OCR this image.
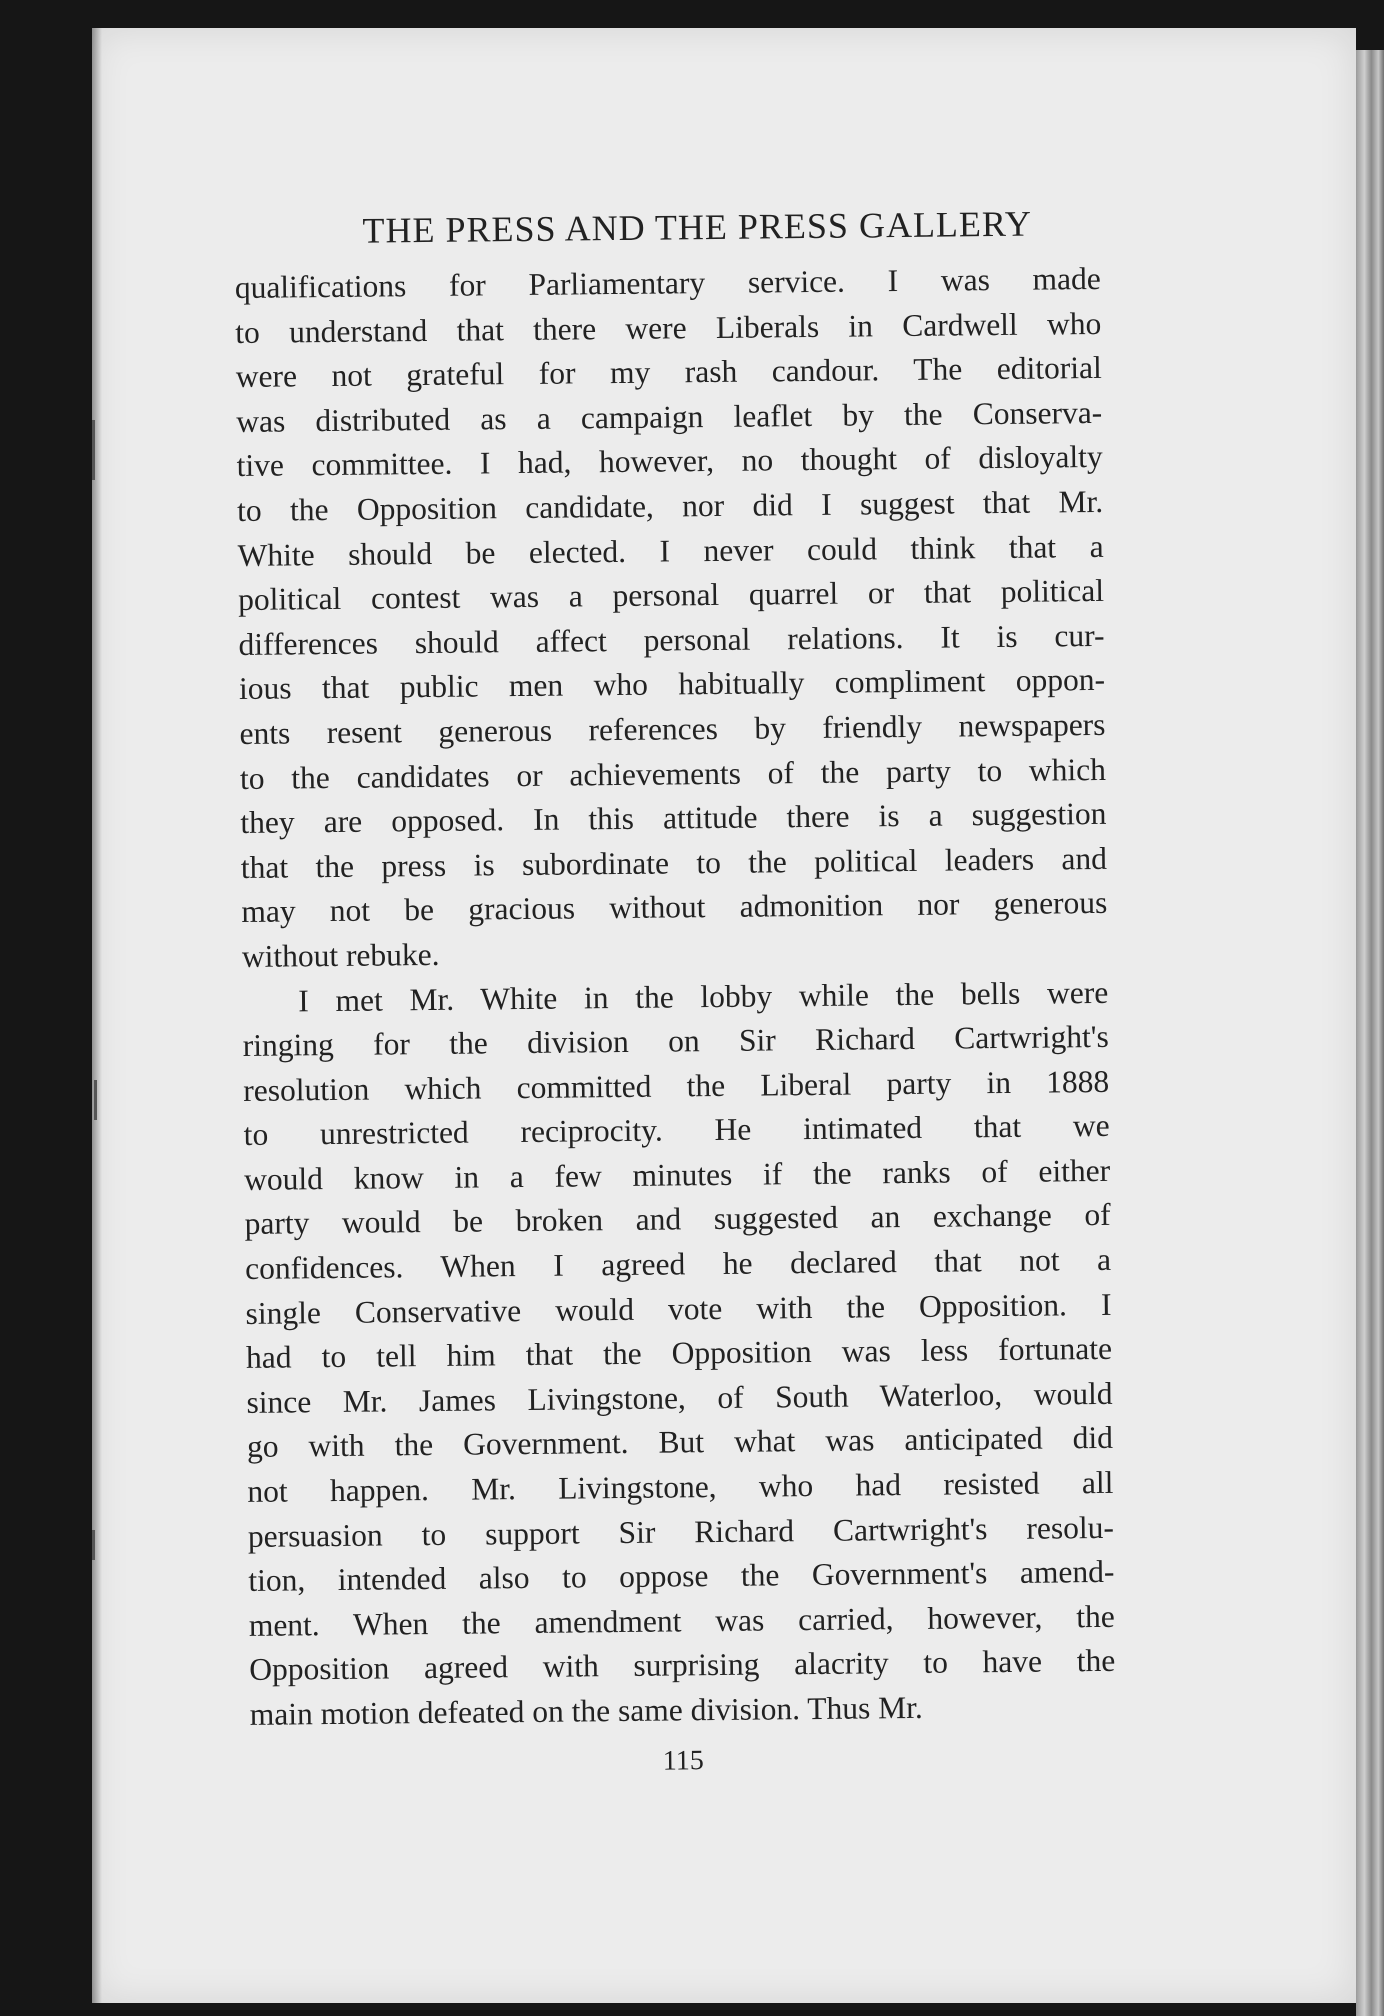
THE PRESS AND THE PRESS GALLERY
qualifications for Parliamentary service. I was made
to understand that there were Liberals in Cardwell who
were not grateful for my rash candour. The editorial
was distributed as a campaign leaflet by the Conserva-
tive committee. I had, however, no thought of disloyalty
to the Opposition candidate, nor did I suggest that Mr.
White should be elected. I never could think that a
political contest was a personal quarrel or that political
differences should affect personal relations. It is cur-
ious that public men who habitually compliment oppon-
ents resent generous references by friendly newspapers
to the candidates or achievements of the party to which
they are opposed. In this attitude there is a suggestion
that the press is subordinate to the political leaders and
may not be gracious without admonition nor generous
without rebuke.
I met Mr. White in the lobby while the bells were
ringing for the division on Sir Richard Cartwright's
resolution which committed the Liberal party in 1888
to unrestricted reciprocity. He intimated that we
would know in a few minutes if the ranks of either
party would be broken and suggested an exchange of
confidences. When I agreed he declared that not a
single Conservative would vote with the Opposition. I
had to tell him that the Opposition was less fortunate
since Mr. James Livingstone, of South Waterloo, would
go with the Government. But what was anticipated did
not happen. Mr. Livingstone, who had resisted all
persuasion to support Sir Richard Cartwright's resolu-
tion, intended also to oppose the Government's amend-
ment. When the amendment was carried, however, the
Opposition agreed with surprising alacrity to have the
main motion defeated on the same division. Thus Mr.
115
